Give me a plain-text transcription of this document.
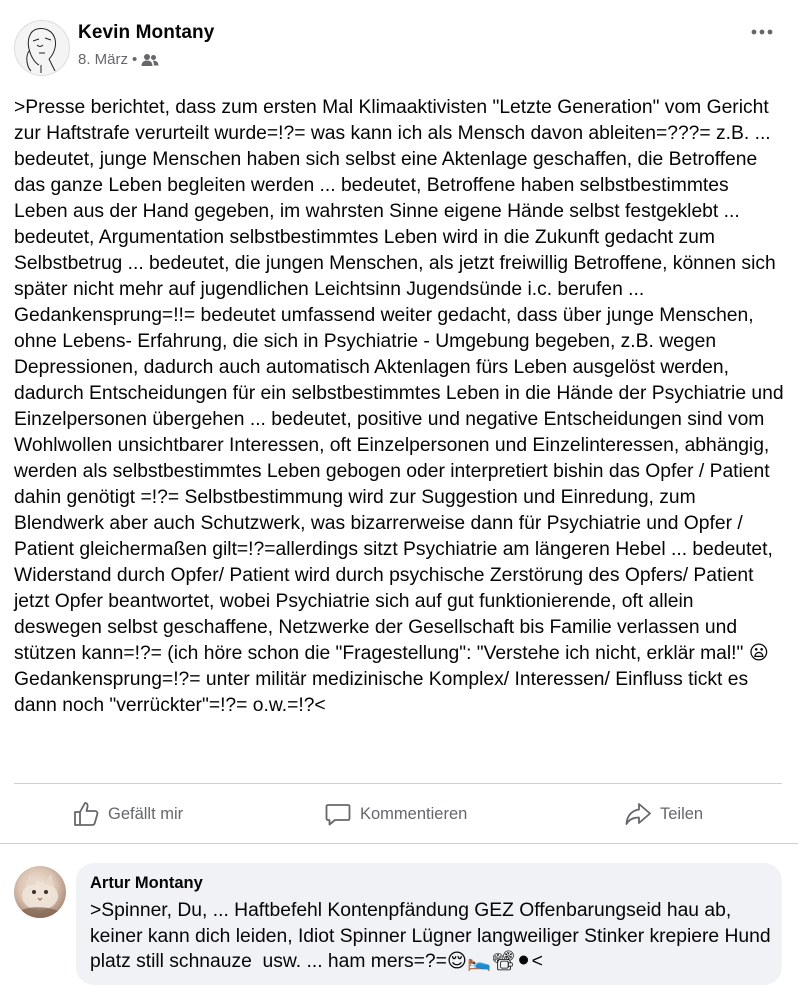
Kevin Montany
8. März •
>Presse berichtet, dass zum ersten Mal Klimaaktivisten "Letzte Generation" vom Gericht zur Haftstrafe verurteilt wurde=!?= was kann ich als Mensch davon ableiten=???= z.B. ... bedeutet, junge Menschen haben sich selbst eine Aktenlage geschaffen, die Betroffene das ganze Leben begleiten werden ... bedeutet, Betroffene haben selbstbestimmtes Leben aus der Hand gegeben, im wahrsten Sinne eigene Hände selbst festgeklebt ... bedeutet, Argumentation selbstbestimmtes Leben wird in die Zukunft gedacht zum Selbstbetrug ... bedeutet, die jungen Menschen, als jetzt freiwillig Betroffene, können sich später nicht mehr auf jugendlichen Leichtsinn Jugendsünde i.c. berufen ... Gedankensprung=!!= bedeutet umfassend weiter gedacht, dass über junge Menschen, ohne Lebens- Erfahrung, die sich in Psychiatrie - Umgebung begeben, z.B. wegen Depressionen, dadurch auch automatisch Aktenlagen fürs Leben ausgelöst werden, dadurch Entscheidungen für ein selbstbestimmtes Leben in die Hände der Psychiatrie und Einzelpersonen übergehen ... bedeutet, positive und negative Entscheidungen sind vom Wohlwollen unsichtbarer Interessen, oft Einzelpersonen und Einzelinteressen, abhängig, werden als selbstbestimmtes Leben gebogen oder interpretiert bishin das Opfer / Patient dahin genötigt =!?= Selbstbestimmung wird zur Suggestion und Einredung, zum Blendwerk aber auch Schutzwerk, was bizarrerweise dann für Psychiatrie und Opfer / Patient gleichermaßen gilt=!?=allerdings sitzt Psychiatrie am längeren Hebel ... bedeutet, Widerstand durch Opfer/ Patient wird durch psychische Zerstörung des Opfers/ Patient jetzt Opfer beantwortet, wobei Psychiatrie sich auf gut funktionierende, oft allein deswegen selbst geschaffene, Netzwerke der Gesellschaft bis Familie verlassen und stützen kann=!?= (ich höre schon die "Fragestellung": "Verstehe ich nicht, erklär mal!" 😦 Gedankensprung=!?= unter militär medizinische Komplex/ Interessen/ Einfluss tickt es dann noch "verrückter"=!?= o.w.=!?<
Gefällt mir	Kommentieren	Teilen
Artur Montany
>Spinner, Du, ... Haftbefehl Kontenpfändung GEZ Offenbarungseid hau ab, keiner kann dich leiden, Idiot Spinner Lügner langweiliger Stinker krepiere Hund platz still schnauze  usw. ... ham mers=?=😌🛌📽⚫<
